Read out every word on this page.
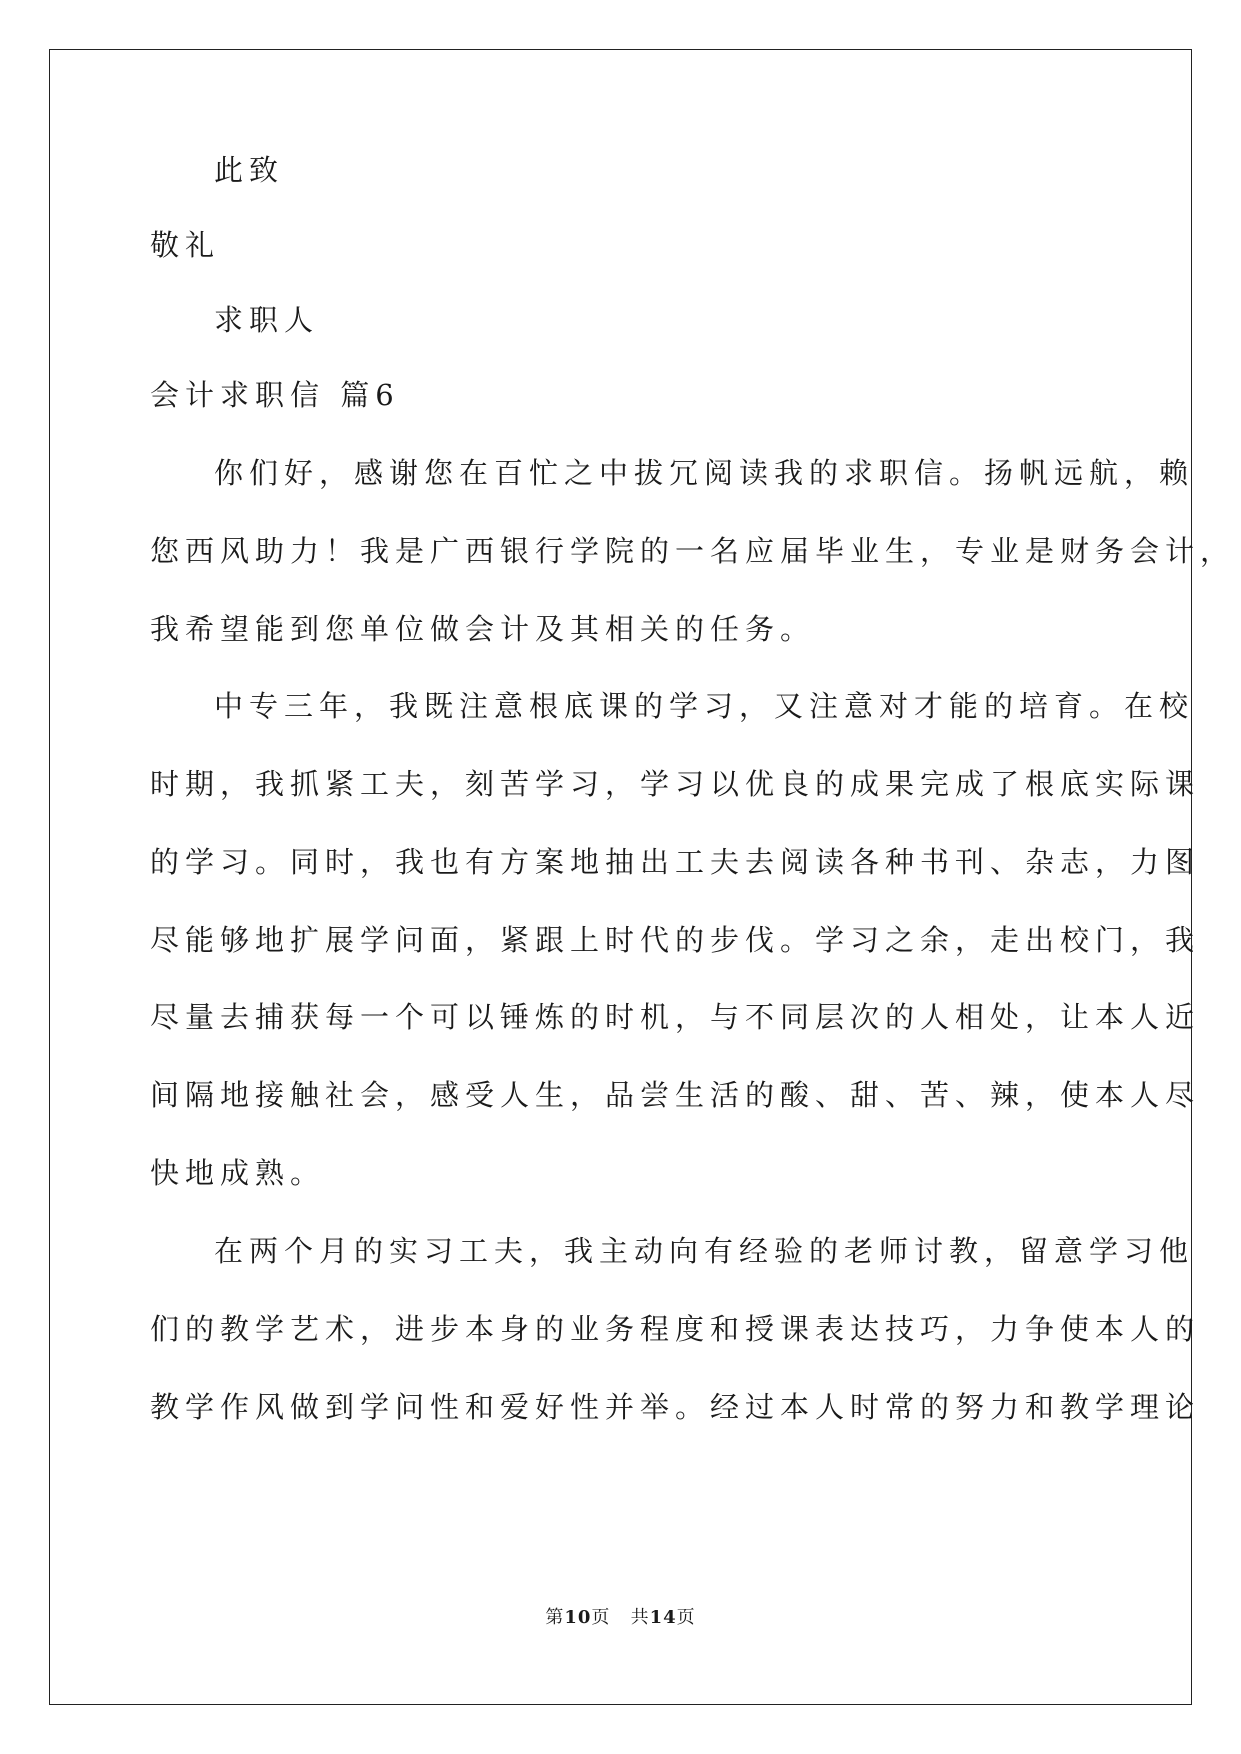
此致
敬礼
求职人
会计求职信 篇6
你们好，感谢您在百忙之中拔冗阅读我的求职信。扬帆远航，赖
您西风助力！我是广西银行学院的一名应届毕业生，专业是财务会计，
我希望能到您单位做会计及其相关的任务。
中专三年，我既注意根底课的学习，又注意对才能的培育。在校
时期，我抓紧工夫，刻苦学习，学习以优良的成果完成了根底实际课
的学习。同时，我也有方案地抽出工夫去阅读各种书刊、杂志，力图
尽能够地扩展学问面，紧跟上时代的步伐。学习之余，走出校门，我
尽量去捕获每一个可以锤炼的时机，与不同层次的人相处，让本人近
间隔地接触社会，感受人生，品尝生活的酸、甜、苦、辣，使本人尽
快地成熟。
在两个月的实习工夫，我主动向有经验的老师讨教，留意学习他
们的教学艺术，进步本身的业务程度和授课表达技巧，力争使本人的
教学作风做到学问性和爱好性并举。经过本人时常的努力和教学理论
第10页 共14页
